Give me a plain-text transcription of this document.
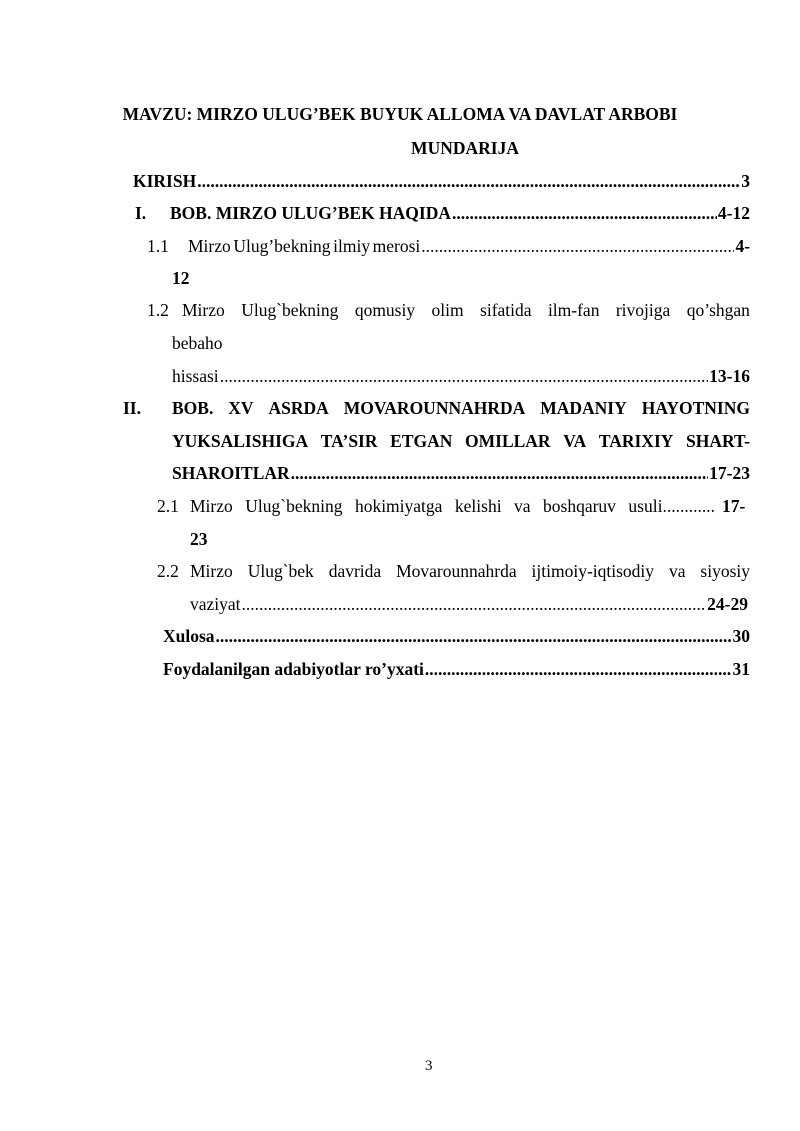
MAVZU: MIRZO ULUG’BEK BUYUK ALLOMA VA DAVLAT ARBOBI
MUNDARIJA
KIRISH .....	3
I. BOB. MIRZO ULUG’BEK HAQIDA .....	4-12
1.1 Mirzo Ulug’bekning ilmiy merosi .....	4-
12
1.2 Mirzo Ulug`bekning qomusiy olim sifatida ilm-fan rivojiga qo’shgan
bebaho
hissasi .....	13-16
II. BOB. XV ASRDA MOVAROUNNAHRDA MADANIY HAYOTNING
YUKSALISHIGA TA’SIR ETGAN OMILLAR VA TARIXIY SHART-
SHAROITLAR .....	17-23
2.1 Mirzo Ulug`bekning hokimiyatga kelishi va boshqaruv usuli............ 17-
23
2.2 Mirzo Ulug`bek davrida Movarounnahrda ijtimoiy-iqtisodiy va siyosiy
vaziyat .....	24-29
Xulosa .....	30
Foydalanilgan adabiyotlar ro’yxati .....	31
3
